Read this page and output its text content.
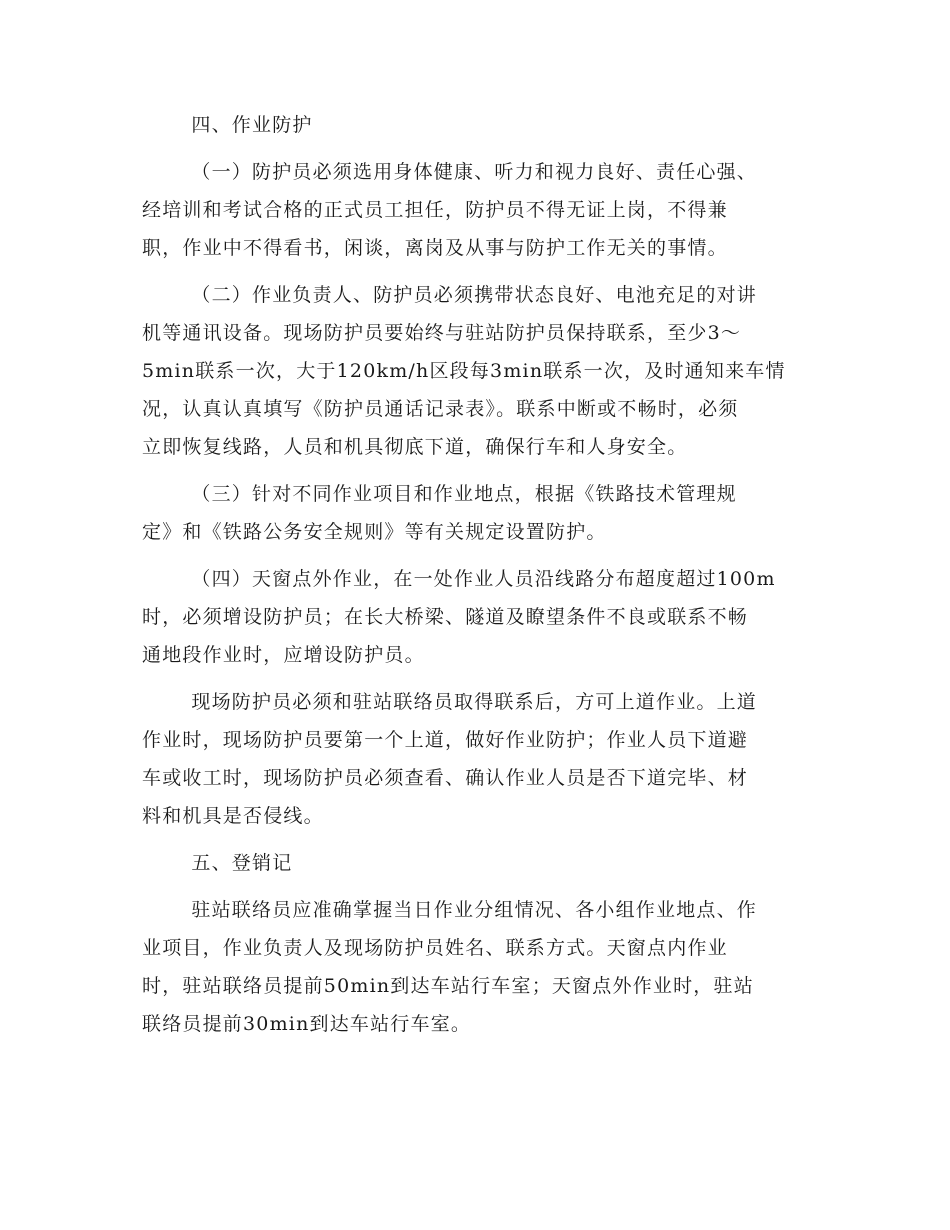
四、作业防护

（一）防护员必须选用身体健康、听力和视力良好、责任心强、
经培训和考试合格的正式员工担任，防护员不得无证上岗，不得兼
职，作业中不得看书，闲谈，离岗及从事与防护工作无关的事情。

（二）作业负责人、防护员必须携带状态良好、电池充足的对讲
机等通讯设备。现场防护员要始终与驻站防护员保持联系，至少3～
5min联系一次，大于120km/h区段每3min联系一次，及时通知来车情
况，认真认真填写《防护员通话记录表》。联系中断或不畅时，必须
立即恢复线路，人员和机具彻底下道，确保行车和人身安全。

（三）针对不同作业项目和作业地点，根据《铁路技术管理规
定》和《铁路公务安全规则》等有关规定设置防护。

（四）天窗点外作业，在一处作业人员沿线路分布超度超过100m
时，必须增设防护员；在长大桥梁、隧道及瞭望条件不良或联系不畅
通地段作业时，应增设防护员。

现场防护员必须和驻站联络员取得联系后，方可上道作业。上道
作业时，现场防护员要第一个上道，做好作业防护；作业人员下道避
车或收工时，现场防护员必须查看、确认作业人员是否下道完毕、材
料和机具是否侵线。

五、登销记

驻站联络员应准确掌握当日作业分组情况、各小组作业地点、作
业项目，作业负责人及现场防护员姓名、联系方式。天窗点内作业
时，驻站联络员提前50min到达车站行车室；天窗点外作业时，驻站
联络员提前30min到达车站行车室。
